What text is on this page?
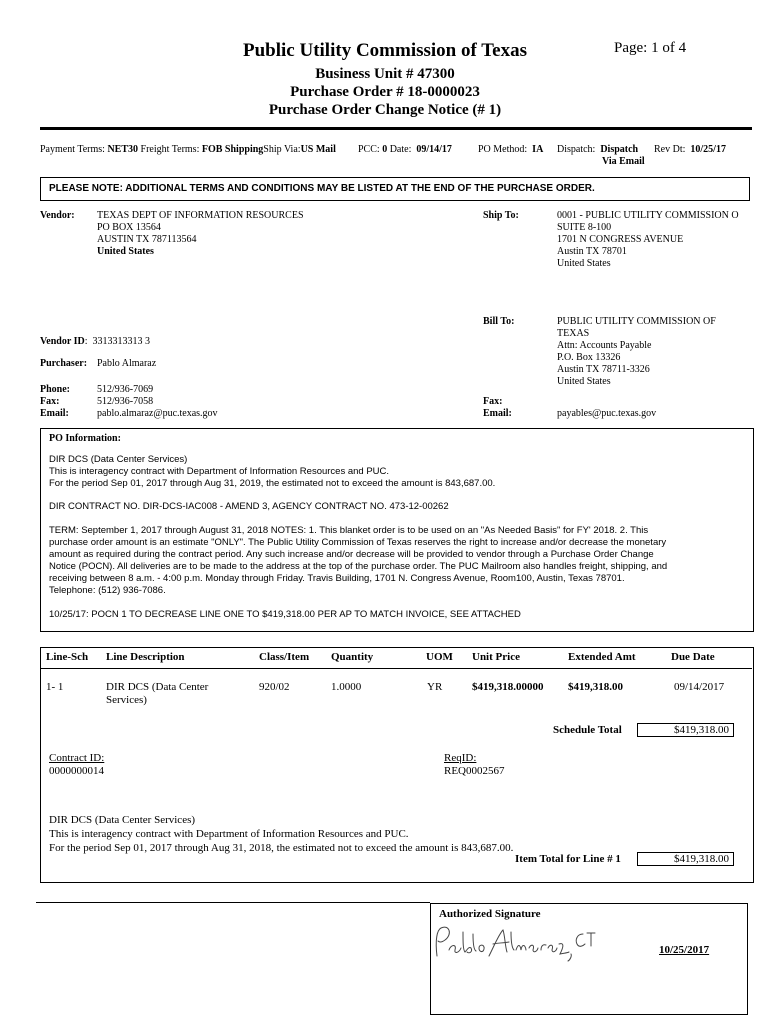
Public Utility Commission of Texas	Page: 1 of 4
Business Unit # 47300
Purchase Order # 18-0000023
Purchase Order Change Notice (# 1)
Payment Terms: NET30 Freight Terms: FOB ShippingShip Via:US Mail PCC: 0 Date: 09/14/17	PO Method: IA Dispatch: Dispatch
Via Email
Rev Dt: 10/25/17
PLEASE NOTE: ADDITIONAL TERMS AND CONDITIONS MAY BE LISTED AT THE END OF THE PURCHASE ORDER.
Vendor: TEXAS DEPT OF INFORMATION RESOURCES
PO BOX 13564
AUSTIN TX 787113564
United States
Ship To:	0001 - PUBLIC UTILITY COMMISSION O
SUITE 8-100
1701 N CONGRESS AVENUE
Austin TX 78701
United States
Bill To:	PUBLIC UTILITY COMMISSION OF
TEXAS
Attn: Accounts Payable
P.O. Box 13326
Austin TX 78711-3326
United States
Vendor ID:  3313313313 3
Purchaser: Pablo Almaraz
Phone:	512/936-7069
Fax:	512/936-7058
Email:	pablo.almaraz@puc.texas.gov
Fax:
Email:	payables@puc.texas.gov
PO Information:
DIR DCS (Data Center Services)
This is interagency contract with Department of Information Resources and PUC.
For the period Sep 01, 2017 through Aug 31, 2019, the estimated not to exceed the amount is 843,687.00.
DIR CONTRACT NO. DIR-DCS-IAC008 - AMEND 3, AGENCY CONTRACT NO. 473-12-00262
TERM: September 1, 2017 through August 31, 2018 NOTES: 1. This blanket order is to be used on an "As Needed Basis" for FY' 2018. 2. This
purchase order amount is an estimate "ONLY". The Public Utility Commission of Texas reserves the right to increase and/or decrease the monetary
amount as required during the contract period. Any such increase and/or decrease will be provided to vendor through a Purchase Order Change
Notice (POCN). All deliveries are to be made to the address at the top of the purchase order. The PUC Mailroom also handles freight, shipping, and
receiving between 8 a.m. - 4:00 p.m. Monday through Friday. Travis Building, 1701 N. Congress Avenue, Room100, Austin, Texas 78701.
Telephone: (512) 936-7086.
10/25/17: POCN 1 TO DECREASE LINE ONE TO $419,318.00 PER AP TO MATCH INVOICE, SEE ATTACHED
Line-Sch Line Description	Class/Item Quantity	UOM Unit Price	Extended Amt	Due Date
1- 1	DIR DCS (Data Center
Services)
920/02	1.0000	YR	$419,318.00000 $419,318.00	09/14/2017
Schedule Total	$419,318.00
Contract ID:
0000000014
ReqID:
REQ0002567
DIR DCS (Data Center Services)
This is interagency contract with Department of Information Resources and PUC.
For the period Sep 01, 2017 through Aug 31, 2018, the estimated not to exceed the amount is 843,687.00.
Item Total for Line # 1	$419,318.00
Authorized Signature
10/25/2017
